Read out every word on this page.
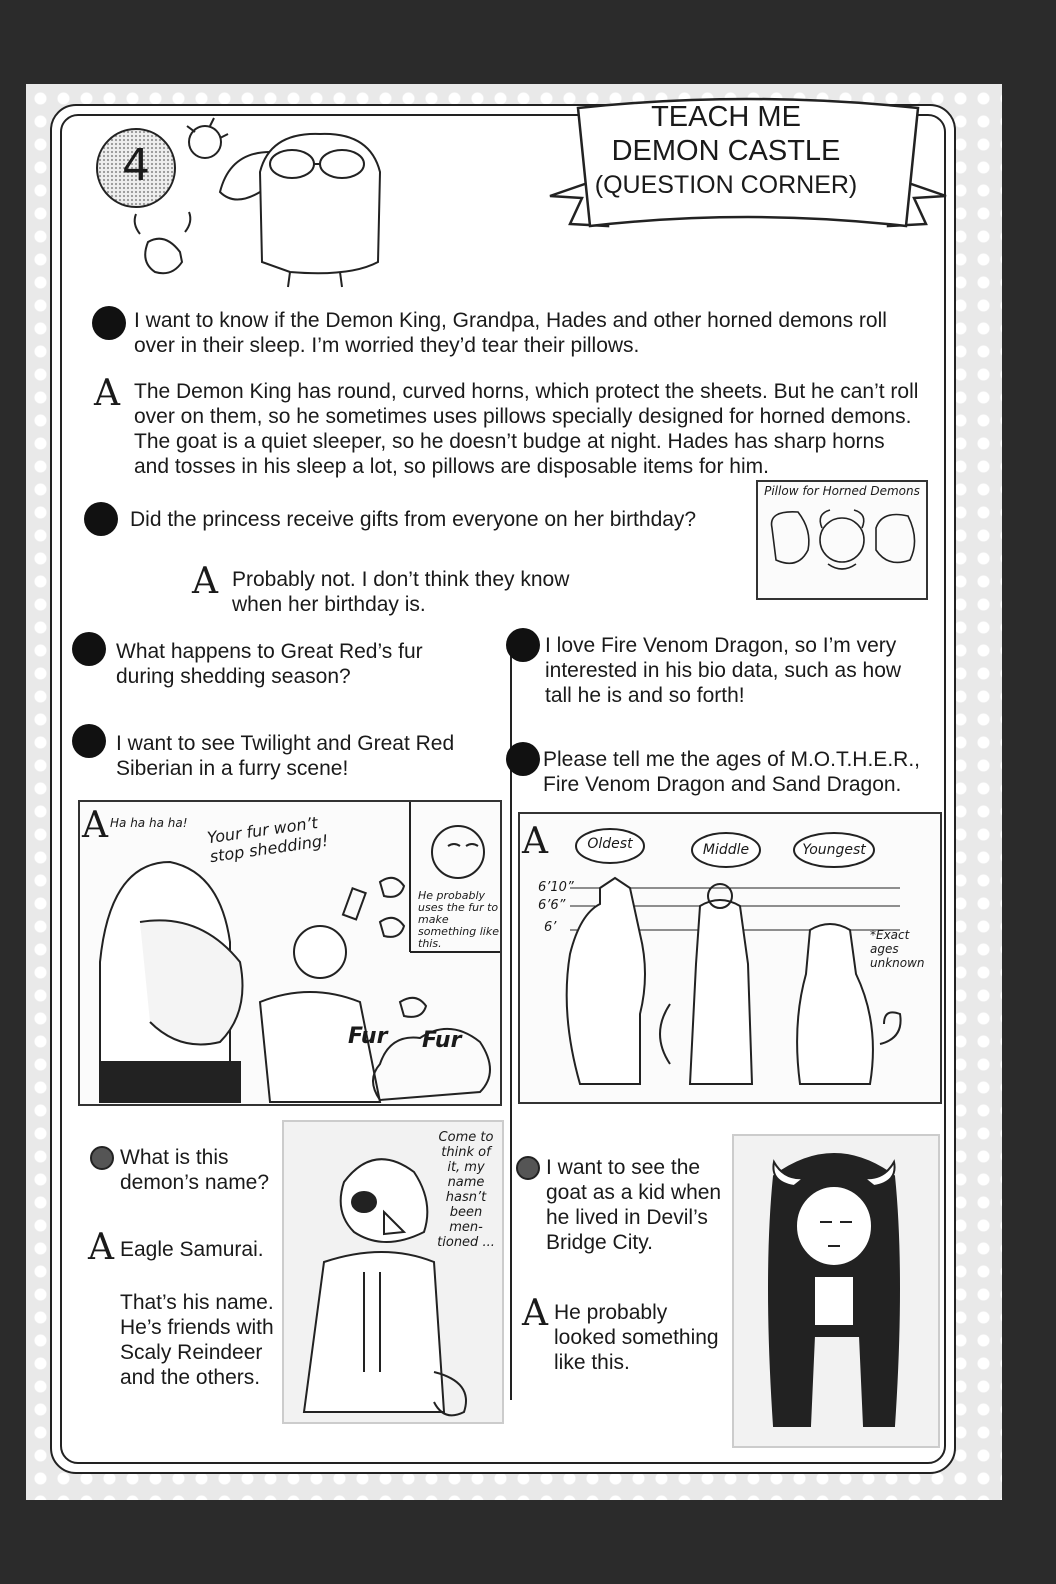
4
TEACH ME
DEMON CASTLE
(QUESTION CORNER)
I want to know if the Demon King, Grandpa, Hades and other horned demons roll over in their sleep. I’m worried they’d tear their pillows.
A The Demon King has round, curved horns, which protect the sheets. But he can’t roll over on them, so he sometimes uses pillows specially designed for horned demons. The goat is a quiet sleeper, so he doesn’t budge at night. Hades has sharp horns and tosses in his sleep a lot, so pillows are disposable items for him.
Pillow for Horned Demons
Did the princess receive gifts from everyone on her birthday?
A Probably not. I don’t think they know when her birthday is.
What happens to Great Red’s fur during shedding season?
I want to see Twilight and Great Red Siberian in a furry scene!
I love Fire Venom Dragon, so I’m very interested in his bio data, such as how tall he is and so forth!
Please tell me the ages of M.O.T.H.E.R., Fire Venom Dragon and Sand Dragon.
A Ha ha ha ha! Your fur won’t stop shedding!
He probably uses the fur to make something like this.
Fur Fur
A	Oldest	Middle	Youngest
6’10”
6’6”
6’	*Exact ages unknown
What is this demon’s name?
A Eagle Samurai.
That’s his name. He’s friends with Scaly Reindeer and the others.
Come to think of it, my name hasn’t been men- tioned ...
I want to see the goat as a kid when he lived in Devil’s Bridge City.
A He probably looked something like this.
